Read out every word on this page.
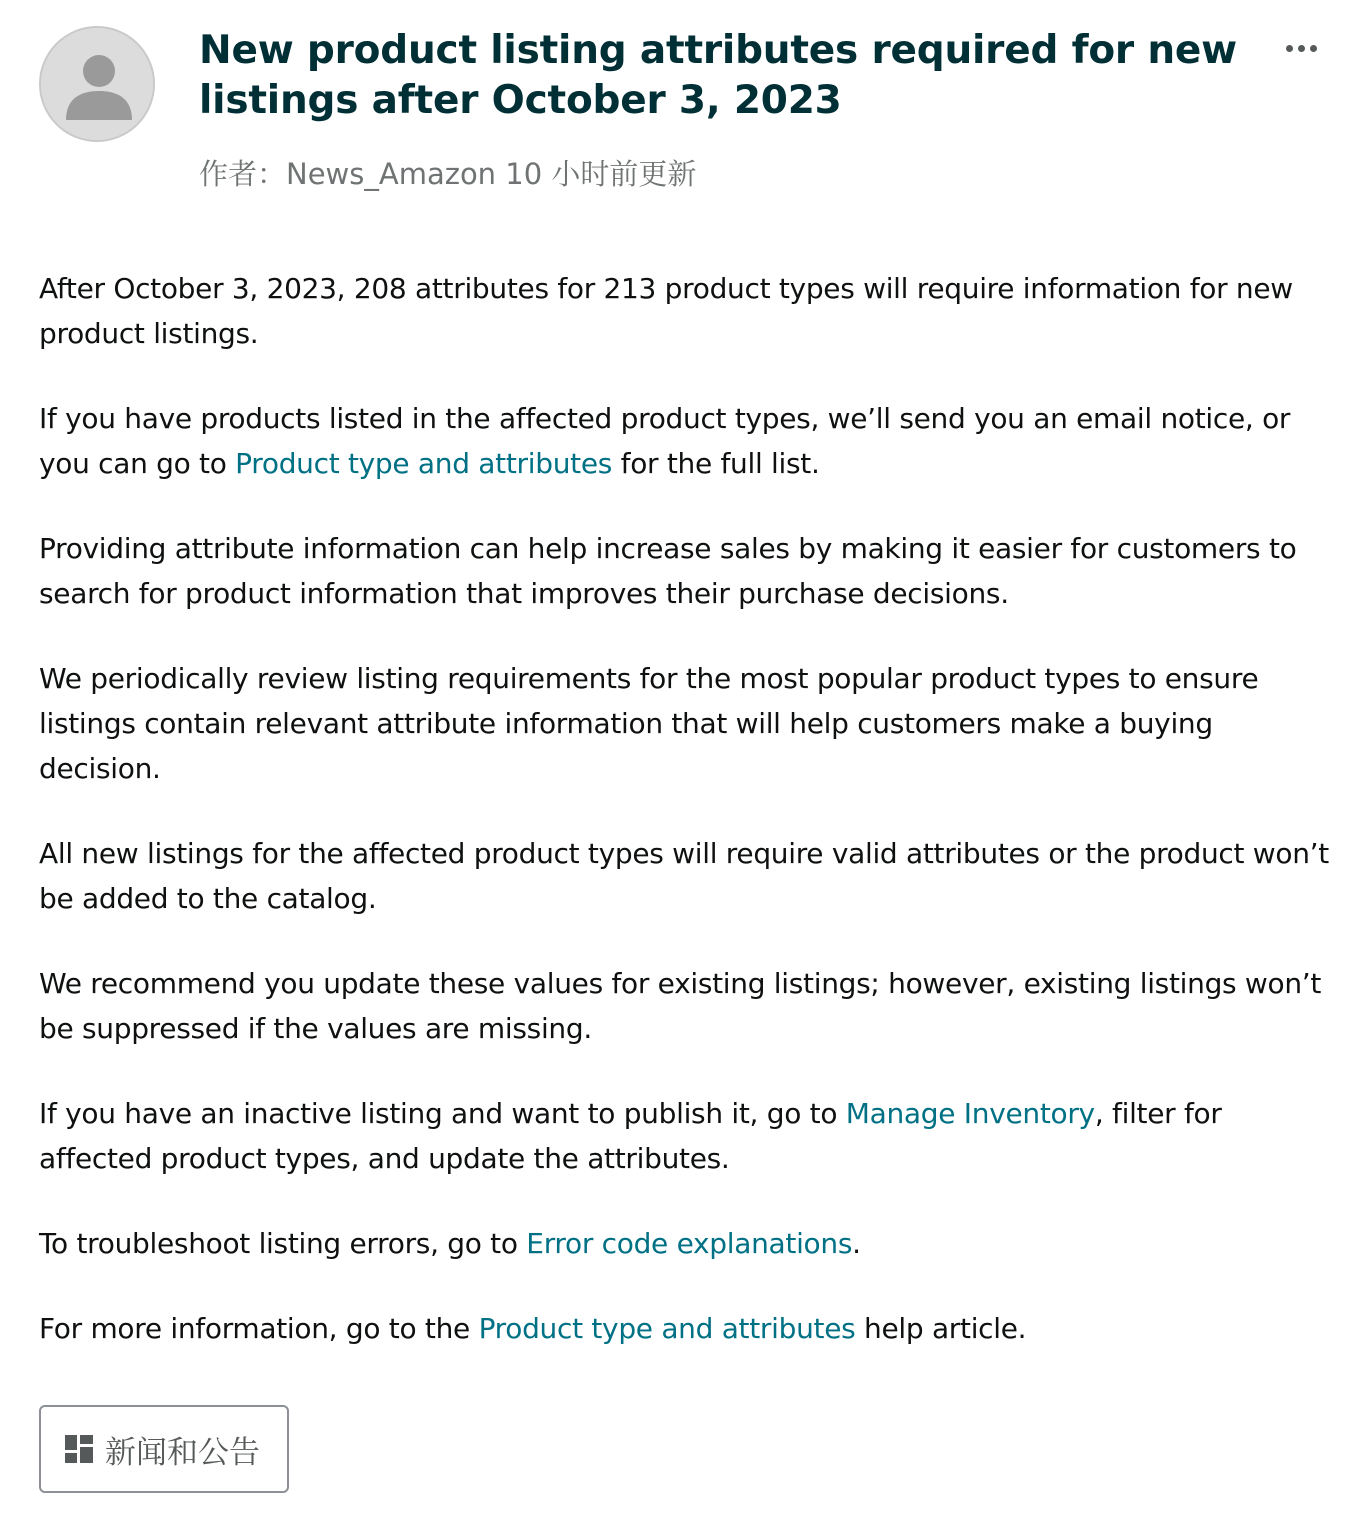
New product listing attributes required for new listings after October 3, 2023
作者：News_Amazon 10 小时前更新

After October 3, 2023, 208 attributes for 213 product types will require information for new product listings.

If you have products listed in the affected product types, we’ll send you an email notice, or you can go to Product type and attributes for the full list.

Providing attribute information can help increase sales by making it easier for customers to search for product information that improves their purchase decisions.

We periodically review listing requirements for the most popular product types to ensure listings contain relevant attribute information that will help customers make a buying decision.

All new listings for the affected product types will require valid attributes or the product won’t be added to the catalog.

We recommend you update these values for existing listings; however, existing listings won’t be suppressed if the values are missing.

If you have an inactive listing and want to publish it, go to Manage Inventory, filter for affected product types, and update the attributes.

To troubleshoot listing errors, go to Error code explanations.

For more information, go to the Product type and attributes help article.

新闻和公告
